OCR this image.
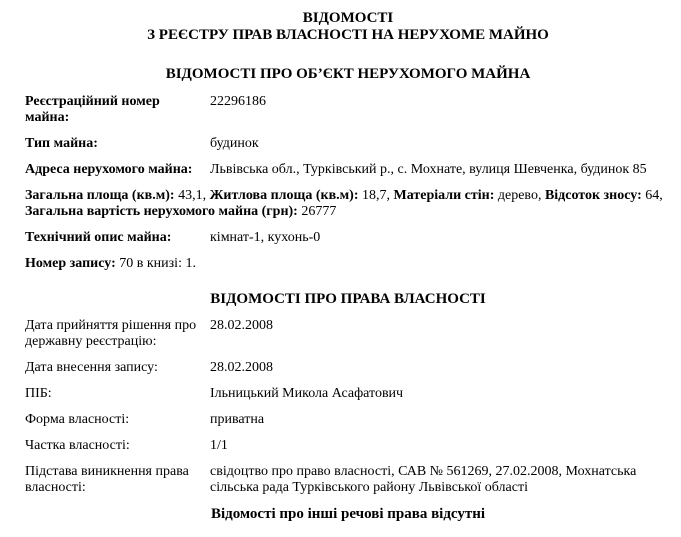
ВІДОМОСТІ
З РЕЄСТРУ ПРАВ ВЛАСНОСТІ НА НЕРУХОМЕ МАЙНО
ВІДОМОСТІ ПРО ОБ’ЄКТ НЕРУХОМОГО МАЙНА
Реєстраційний номер майна:
22296186
Тип майна:	будинок
Адреса нерухомого майна:	Львівська обл., Турківський р., с. Мохнате, вулиця Шевченка, будинок 85

Загальна площа (кв.м): 43,1, Житлова площа (кв.м): 18,7, Матеріали стін: дерево, Відсоток зносу: 64, Загальна вартість нерухомого майна (грн): 26777

Технічний опис майна:	кімнат-1, кухонь-0

Номер запису: 70 в книзі: 1.

ВІДОМОСТІ ПРО ПРАВА ВЛАСНОСТІ
Дата прийняття рішення про державну реєстрацію:
28.02.2008
Дата внесення запису:	28.02.2008
ПІБ:	Ільницький Микола Асафатович
Форма власності:	приватна
Частка власності:	1/1
Підстава виникнення права власності:
свідоцтво про право власності, САВ № 561269, 27.02.2008, Мохнатська сільська рада Турківського району Львівської області
Відомості про інші речові права відсутні
